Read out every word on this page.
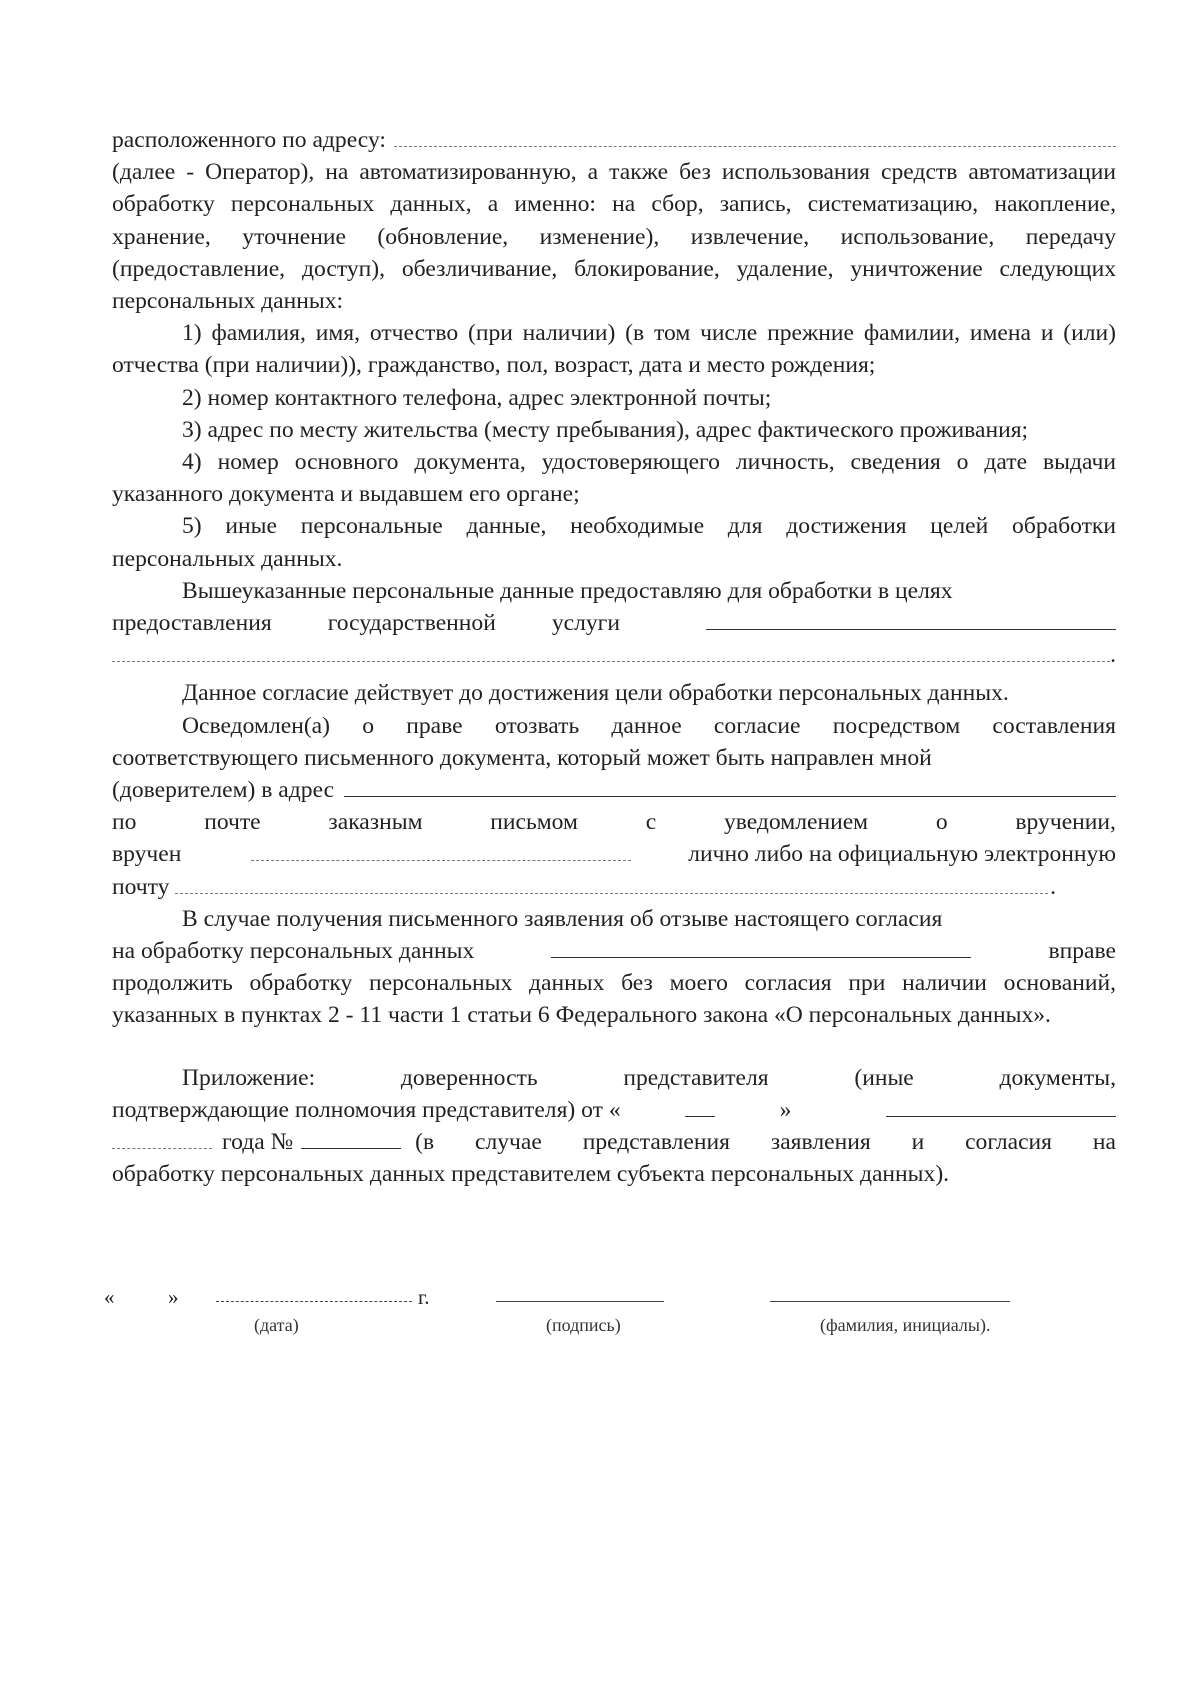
расположенного по адресу:

(далее - Оператор), на автоматизированную, а также без использования средств автоматизации обработку персональных данных, а именно: на сбор, запись, систематизацию, накопление, хранение, уточнение (обновление, изменение), извлечение, использование, передачу (предоставление, доступ), обезличивание, блокирование, удаление, уничтожение следующих персональных данных:

1) фамилия, имя, отчество (при наличии) (в том числе прежние фамилии, имена и (или) отчества (при наличии)), гражданство, пол, возраст, дата и место рождения;

2) номер контактного телефона, адрес электронной почты;

3) адрес по месту жительства (месту пребывания), адрес фактического проживания;

4) номер основного документа, удостоверяющего личность, сведения о дате выдачи указанного документа и выдавшем его органе;

5) иные персональные данные, необходимые для достижения целей обработки персональных данных.

Вышеуказанные персональные данные предоставляю для обработки в целях

предоставления государственной услуги
.

Данное согласие действует до достижения цели обработки персональных данных.

Осведомлен(а) о праве отозвать данное согласие посредством составления соответствующего письменного документа, который может быть направлен мной

(доверителем) в адрес
по	почте	заказным	письмом	с	уведомлением	о	вручении,
вручен	лично либо на официальную электронную
почту	.

В случае получения письменного заявления об отзыве настоящего согласия

на обработку персональных данных	вправе

продолжить обработку персональных данных без моего согласия при наличии оснований, указанных в пунктах 2 - 11 части 1 статьи 6 Федерального закона «О персональных данных».

Приложение:	доверенность	представителя	(иные	документы,
подтверждающие полномочия представителя) от «	»
года №	(в случае представления заявления и согласия на

обработку персональных данных представителем субъекта персональных данных).

«	»	г.
(дата)	(подпись)	(фамилия, инициалы).
